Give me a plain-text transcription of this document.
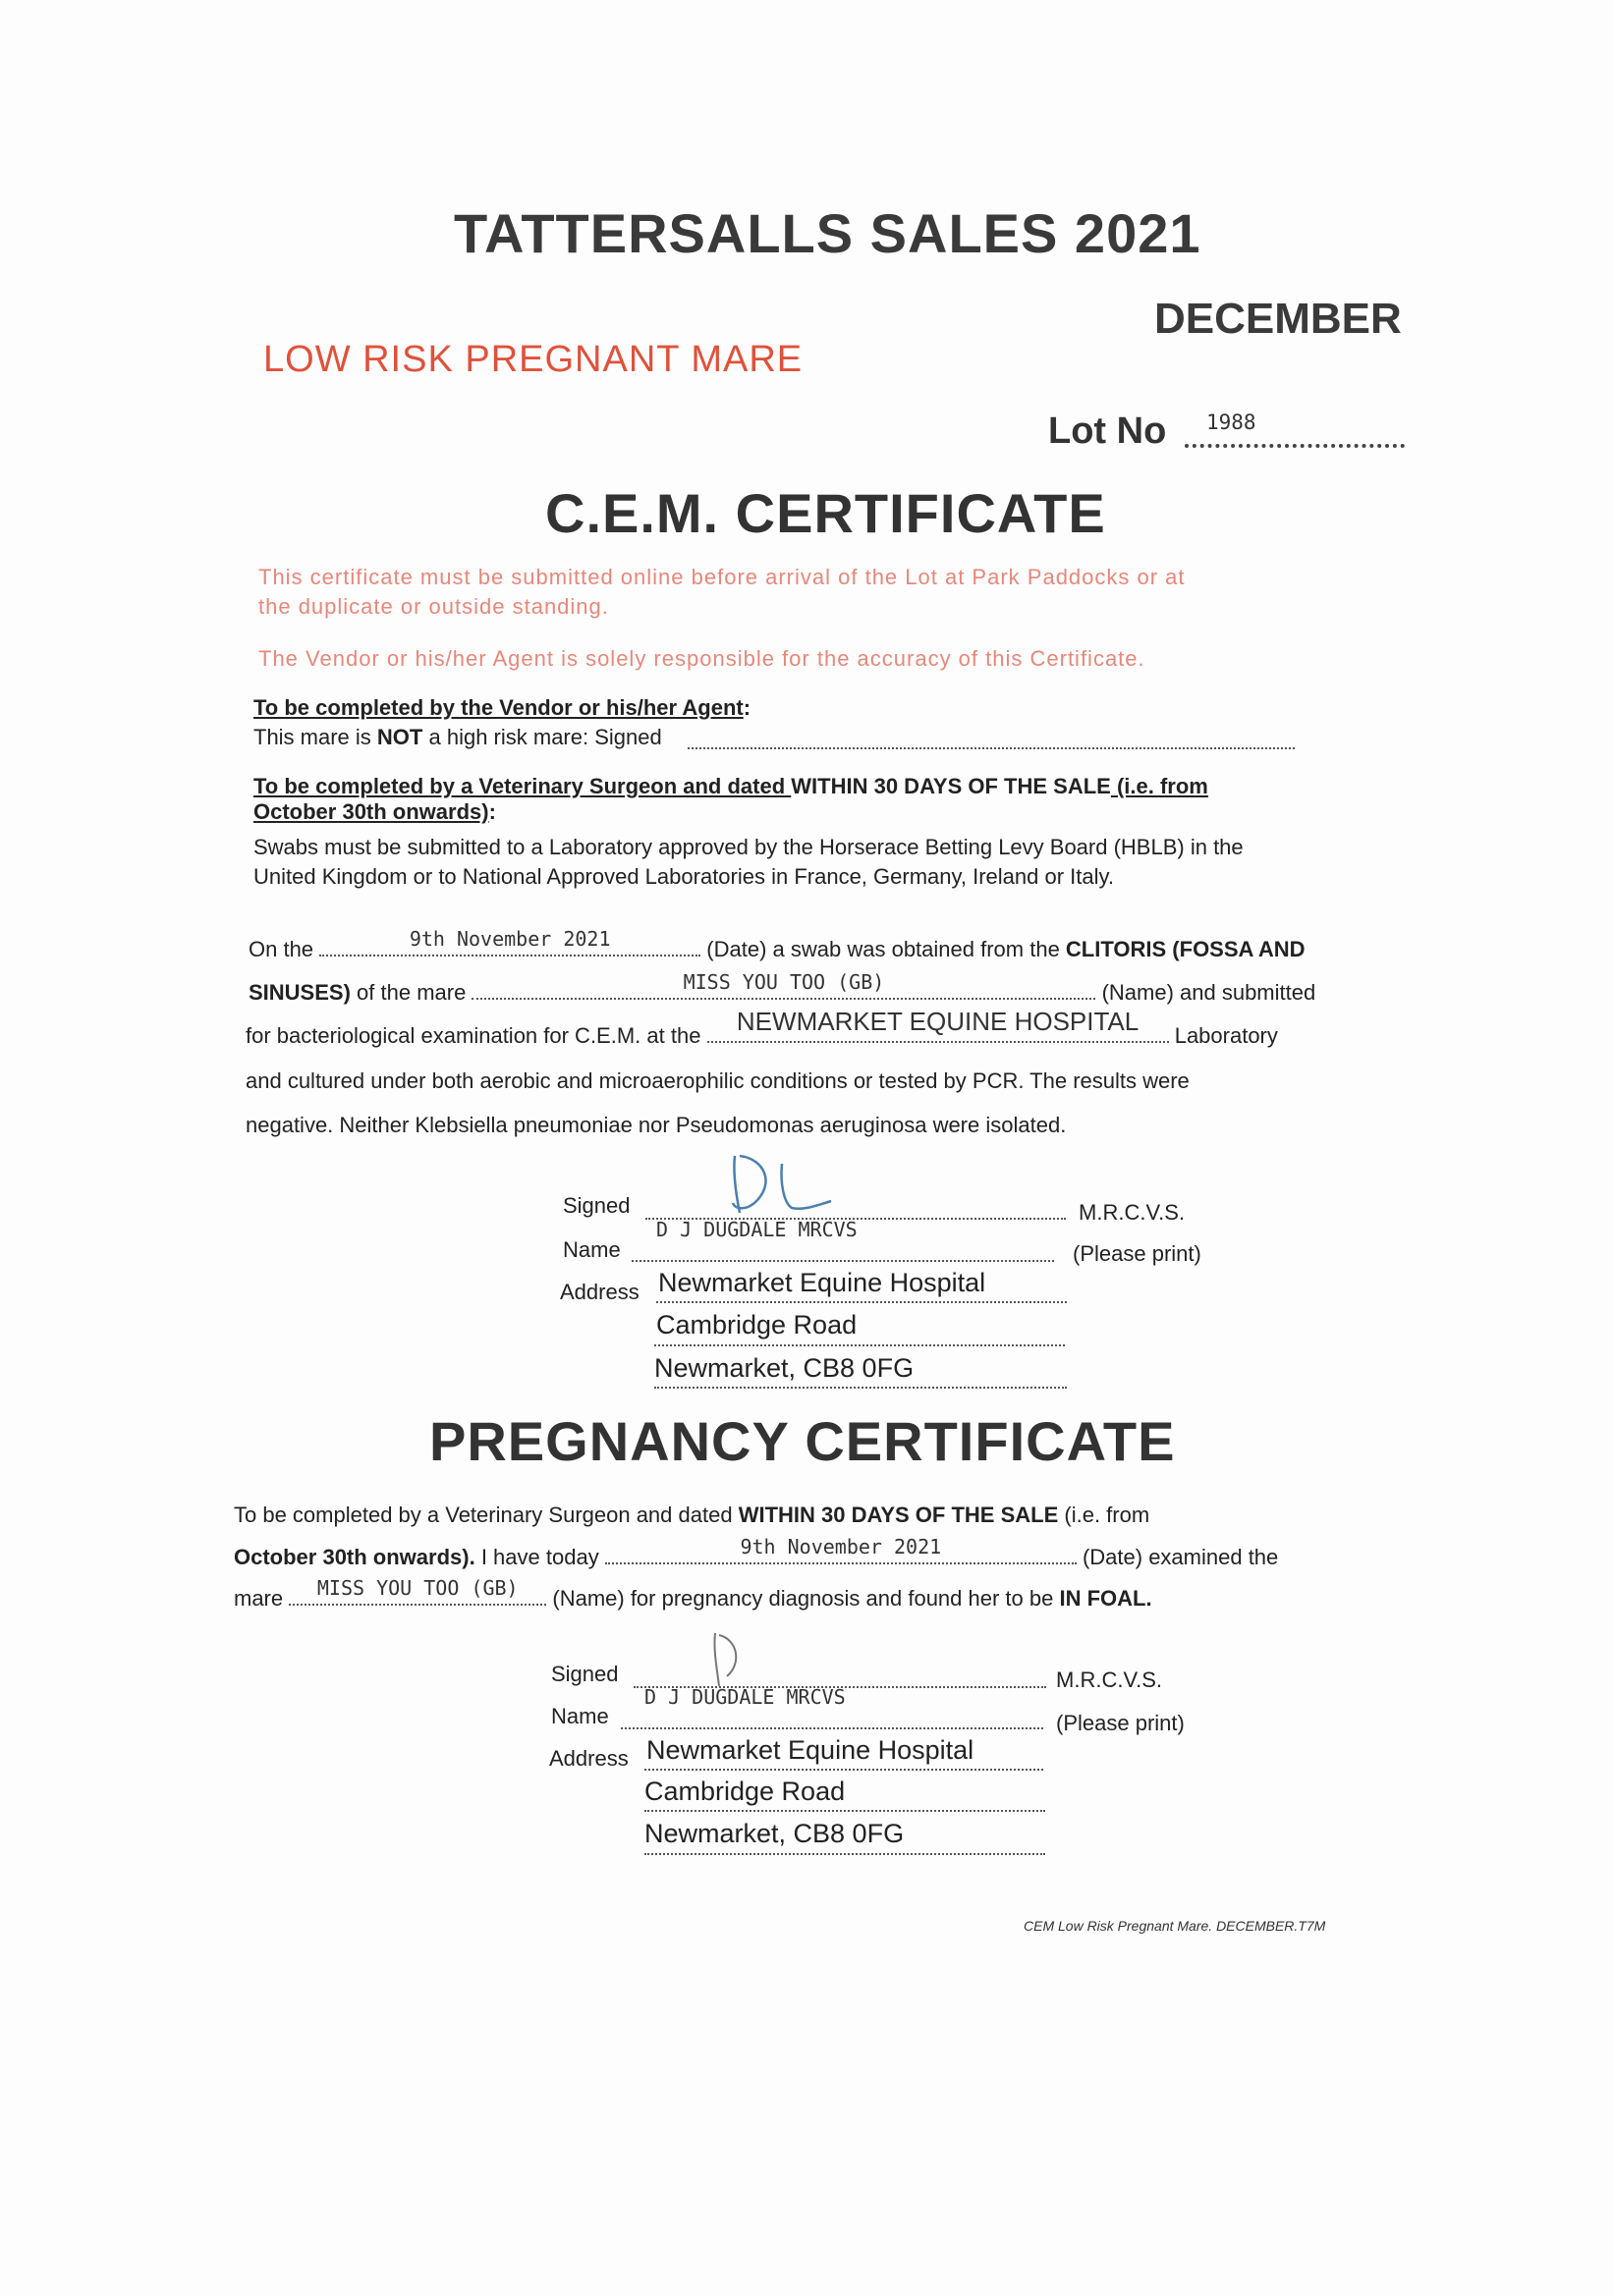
TATTERSALLS SALES 2021
DECEMBER
LOW RISK PREGNANT MARE
Lot No 1988
C.E.M. CERTIFICATE
This certificate must be submitted online before arrival of the Lot at Park Paddocks or at
the duplicate or outside standing.
The Vendor or his/her Agent is solely responsible for the accuracy of this Certificate.
To be completed by the Vendor or his/her Agent:
This mare is NOT a high risk mare: Signed
To be completed by a Veterinary Surgeon and dated WITHIN 30 DAYS OF THE SALE (i.e. from
October 30th onwards):
Swabs must be submitted to a Laboratory approved by the Horserace Betting Levy Board (HBLB) in the
United Kingdom or to National Approved Laboratories in France, Germany, Ireland or Italy.
On the	9th November 2021	(Date) a swab was obtained from the CLITORIS (FOSSA AND
SINUSES) of the mare	MISS YOU TOO (GB)	(Name) and submitted
for bacteriological examination for C.E.M. at the	NEWMARKET EQUINE HOSPITAL	Laboratory
and cultured under both aerobic and microaerophilic conditions or tested by PCR. The results were
negative. Neither Klebsiella pneumoniae nor Pseudomonas aeruginosa were isolated.
Signed	M.R.C.V.S.
Name
D J DUGDALE MRCVS
(Please print)
Address Newmarket Equine Hospital
Cambridge Road
Newmarket, CB8 0FG
PREGNANCY CERTIFICATE
To be completed by a Veterinary Surgeon and dated WITHIN 30 DAYS OF THE SALE (i.e. from
October 30th onwards). I have today	9th November 2021	(Date) examined the
mare	MISS YOU TOO (GB)	(Name) for pregnancy diagnosis and found her to be IN FOAL.
Signed	M.R.C.V.S.
Name
D J DUGDALE MRCVS
(Please print)
Address Newmarket Equine Hospital
Cambridge Road
Newmarket, CB8 0FG
CEM Low Risk Pregnant Mare. DECEMBER.T7M
